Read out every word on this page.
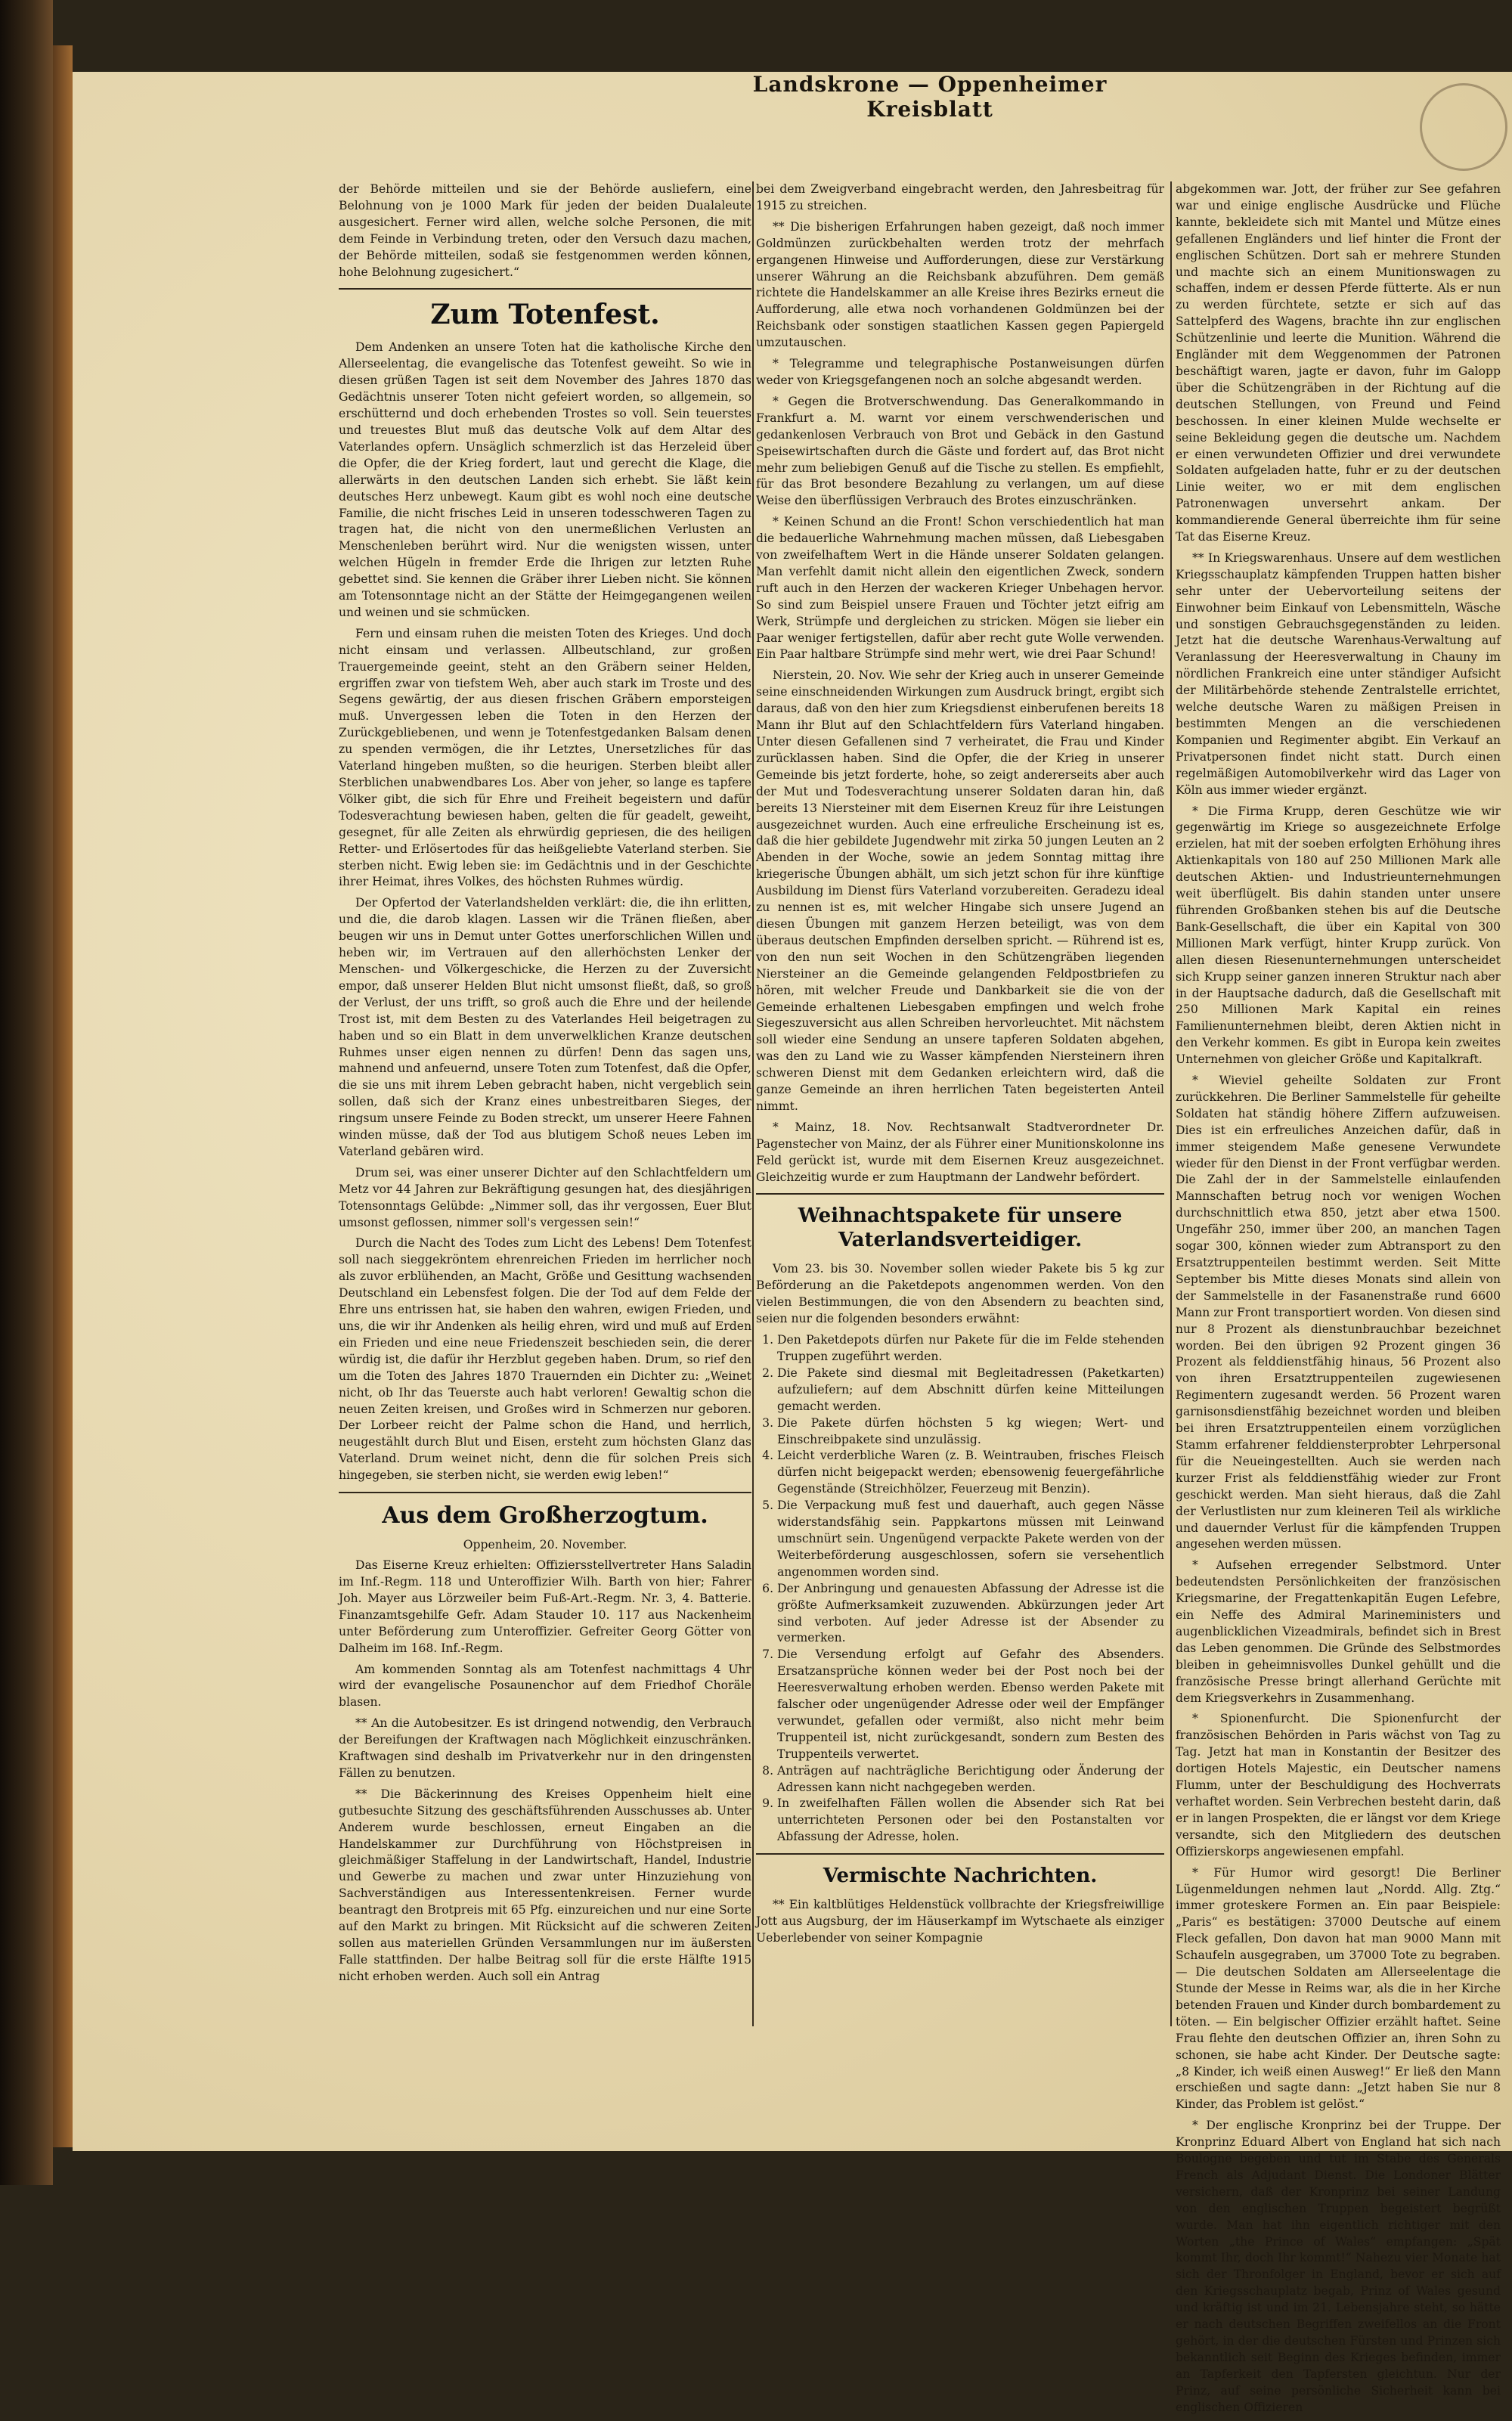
Landskrone — Oppenheimer Kreisblatt

der Behörde mitteilen und sie der Behörde ausliefern, eine Belohnung von je 1000 Mark für jeden der beiden Dualaleute ausgesichert. Ferner wird allen, welche solche Personen, die mit dem Feinde in Verbindung treten, oder den Versuch dazu machen, der Behörde mitteilen, sodaß sie festgenommen werden können, hohe Belohnung zugesichert.“

Zum Totenfest.

Dem Andenken an unsere Toten hat die katholische Kirche den Allerseelentag, die evangelische das Totenfest geweiht. So wie in diesen grüßen Tagen ist seit dem November des Jahres 1870 das Gedächtnis unserer Toten nicht gefeiert worden, so allgemein, so erschütternd und doch erhebenden Trostes so voll. Sein teuerstes und treuestes Blut muß das deutsche Volk auf dem Altar des Vaterlandes opfern. Unsäglich schmerzlich ist das Herzeleid über die Opfer, die der Krieg fordert, laut und gerecht die Klage, die allerwärts in den deutschen Landen sich erhebt. Sie läßt kein deutsches Herz unbewegt. Kaum gibt es wohl noch eine deutsche Familie, die nicht frisches Leid in unseren todesschweren Tagen zu tragen hat, die nicht von den unermeßlichen Verlusten an Menschenleben berührt wird. Nur die wenigsten wissen, unter welchen Hügeln in fremder Erde die Ihrigen zur letzten Ruhe gebettet sind. Sie kennen die Gräber ihrer Lieben nicht. Sie können am Totensonntage nicht an der Stätte der Heimgegangenen weilen und weinen und sie schmücken.

Fern und einsam ruhen die meisten Toten des Krieges. Und doch nicht einsam und verlassen. Allbeutschland, zur großen Trauergemeinde geeint, steht an den Gräbern seiner Helden, ergriffen zwar von tiefstem Weh, aber auch stark im Troste und des Segens gewärtig, der aus diesen frischen Gräbern emporsteigen muß. Unvergessen leben die Toten in den Herzen der Zurückgebliebenen, und wenn je Totenfestgedanken Balsam denen zu spenden vermögen, die ihr Letztes, Unersetzliches für das Vaterland hingeben mußten, so die heurigen. Sterben bleibt aller Sterblichen unabwendbares Los. Aber von jeher, so lange es tapfere Völker gibt, die sich für Ehre und Freiheit begeistern und dafür Todesverachtung bewiesen haben, gelten die für geadelt, geweiht, gesegnet, für alle Zeiten als ehrwürdig gepriesen, die des heiligen Retter- und Erlösertodes für das heißgeliebte Vaterland sterben. Sie sterben nicht. Ewig leben sie: im Gedächtnis und in der Geschichte ihrer Heimat, ihres Volkes, des höchsten Ruhmes würdig.

Der Opfertod der Vaterlandshelden verklärt: die, die ihn erlitten, und die, die darob klagen. Lassen wir die Tränen fließen, aber beugen wir uns in Demut unter Gottes unerforschlichen Willen und heben wir, im Vertrauen auf den allerhöchsten Lenker der Menschen- und Völkergeschicke, die Herzen zu der Zuversicht empor, daß unserer Helden Blut nicht umsonst fließt, daß, so groß der Verlust, der uns trifft, so groß auch die Ehre und der heilende Trost ist, mit dem Besten zu des Vaterlandes Heil beigetragen zu haben und so ein Blatt in dem unverwelklichen Kranze deutschen Ruhmes unser eigen nennen zu dürfen! Denn das sagen uns, mahnend und anfeuernd, unsere Toten zum Totenfest, daß die Opfer, die sie uns mit ihrem Leben gebracht haben, nicht vergeblich sein sollen, daß sich der Kranz eines unbestreitbaren Sieges, der ringsum unsere Feinde zu Boden streckt, um unserer Heere Fahnen winden müsse, daß der Tod aus blutigem Schoß neues Leben im Vaterland gebären wird.

Drum sei, was einer unserer Dichter auf den Schlachtfeldern um Metz vor 44 Jahren zur Bekräftigung gesungen hat, des diesjährigen Totensonntags Gelübde: „Nimmer soll, das ihr vergossen, Euer Blut umsonst geflossen, nimmer soll's vergessen sein!“

Durch die Nacht des Todes zum Licht des Lebens! Dem Totenfest soll nach sieggekröntem ehrenreichen Frieden im herrlicher noch als zuvor erblühenden, an Macht, Größe und Gesittung wachsenden Deutschland ein Lebensfest folgen. Die der Tod auf dem Felde der Ehre uns entrissen hat, sie haben den wahren, ewigen Frieden, und uns, die wir ihr Andenken als heilig ehren, wird und muß auf Erden ein Frieden und eine neue Friedenszeit beschieden sein, die derer würdig ist, die dafür ihr Herzblut gegeben haben. Drum, so rief den um die Toten des Jahres 1870 Trauernden ein Dichter zu: „Weinet nicht, ob Ihr das Teuerste auch habt verloren! Gewaltig schon die neuen Zeiten kreisen, und Großes wird in Schmerzen nur geboren. Der Lorbeer reicht der Palme schon die Hand, und herrlich, neugestählt durch Blut und Eisen, ersteht zum höchsten Glanz das Vaterland. Drum weinet nicht, denn die für solchen Preis sich hingegeben, sie sterben nicht, sie werden ewig leben!“

Aus dem Großherzogtum.
Oppenheim, 20. November.

Das Eiserne Kreuz erhielten: Offiziersstellvertreter Hans Saladin im Inf.-Regm. 118 und Unteroffizier Wilh. Barth von hier; Fahrer Joh. Mayer aus Lörzweiler beim Fuß-Art.-Regm. Nr. 3, 4. Batterie. Finanzamtsgehilfe Gefr. Adam Stauder 10. 117 aus Nackenheim unter Beförderung zum Unteroffizier. Gefreiter Georg Götter von Dalheim im 168. Inf.-Regm.

Am kommenden Sonntag als am Totenfest nachmittags 4 Uhr wird der evangelische Posaunenchor auf dem Friedhof Choräle blasen.

** An die Autobesitzer. Es ist dringend notwendig, den Verbrauch der Bereifungen der Kraftwagen nach Möglichkeit einzuschränken. Kraftwagen sind deshalb im Privatverkehr nur in den dringensten Fällen zu benutzen.

** Die Bäckerinnung des Kreises Oppenheim hielt eine gutbesuchte Sitzung des geschäftsführenden Ausschusses ab. Unter Anderem wurde beschlossen, erneut Eingaben an die Handelskammer zur Durchführung von Höchstpreisen in gleichmäßiger Staffelung in der Landwirtschaft, Handel, Industrie und Gewerbe zu machen und zwar unter Hinzuziehung von Sachverständigen aus Interessentenkreisen. Ferner wurde beantragt den Brotpreis mit 65 Pfg. einzureichen und nur eine Sorte auf den Markt zu bringen. Mit Rücksicht auf die schweren Zeiten sollen aus materiellen Gründen Versammlungen nur im äußersten Falle stattfinden. Der halbe Beitrag soll für die erste Hälfte 1915 nicht erhoben werden. Auch soll ein Antrag

bei dem Zweigverband eingebracht werden, den Jahresbeitrag für 1915 zu streichen.

** Die bisherigen Erfahrungen haben gezeigt, daß noch immer Goldmünzen zurückbehalten werden trotz der mehrfach ergangenen Hinweise und Aufforderungen, diese zur Verstärkung unserer Währung an die Reichsbank abzuführen. Dem gemäß richtete die Handelskammer an alle Kreise ihres Bezirks erneut die Aufforderung, alle etwa noch vorhandenen Goldmünzen bei der Reichsbank oder sonstigen staatlichen Kassen gegen Papiergeld umzutauschen.

* Telegramme und telegraphische Postanweisungen dürfen weder von Kriegsgefangenen noch an solche abgesandt werden.

* Gegen die Brotverschwendung. Das Generalkommando in Frankfurt a. M. warnt vor einem verschwenderischen und gedankenlosen Verbrauch von Brot und Gebäck in den Gastund Speisewirtschaften durch die Gäste und fordert auf, das Brot nicht mehr zum beliebigen Genuß auf die Tische zu stellen. Es empfiehlt, für das Brot besondere Bezahlung zu verlangen, um auf diese Weise den überflüssigen Verbrauch des Brotes einzuschränken.

* Keinen Schund an die Front! Schon verschiedentlich hat man die bedauerliche Wahrnehmung machen müssen, daß Liebesgaben von zweifelhaftem Wert in die Hände unserer Soldaten gelangen. Man verfehlt damit nicht allein den eigentlichen Zweck, sondern ruft auch in den Herzen der wackeren Krieger Unbehagen hervor. So sind zum Beispiel unsere Frauen und Töchter jetzt eifrig am Werk, Strümpfe und dergleichen zu stricken. Mögen sie lieber ein Paar weniger fertigstellen, dafür aber recht gute Wolle verwenden. Ein Paar haltbare Strümpfe sind mehr wert, wie drei Paar Schund!

Nierstein, 20. Nov. Wie sehr der Krieg auch in unserer Gemeinde seine einschneidenden Wirkungen zum Ausdruck bringt, ergibt sich daraus, daß von den hier zum Kriegsdienst einberufenen bereits 18 Mann ihr Blut auf den Schlachtfeldern fürs Vaterland hingaben. Unter diesen Gefallenen sind 7 verheiratet, die Frau und Kinder zurücklassen haben. Sind die Opfer, die der Krieg in unserer Gemeinde bis jetzt forderte, hohe, so zeigt andererseits aber auch der Mut und Todesverachtung unserer Soldaten daran hin, daß bereits 13 Niersteiner mit dem Eisernen Kreuz für ihre Leistungen ausgezeichnet wurden. Auch eine erfreuliche Erscheinung ist es, daß die hier gebildete Jugendwehr mit zirka 50 jungen Leuten an 2 Abenden in der Woche, sowie an jedem Sonntag mittag ihre kriegerische Übungen abhält, um sich jetzt schon für ihre künftige Ausbildung im Dienst fürs Vaterland vorzubereiten. Geradezu ideal zu nennen ist es, mit welcher Hingabe sich unsere Jugend an diesen Übungen mit ganzem Herzen beteiligt, was von dem überaus deutschen Empfinden derselben spricht. — Rührend ist es, von den nun seit Wochen in den Schützengräben liegenden Niersteiner an die Gemeinde gelangenden Feldpostbriefen zu hören, mit welcher Freude und Dankbarkeit sie die von der Gemeinde erhaltenen Liebesgaben empfingen und welch frohe Siegeszuversicht aus allen Schreiben hervorleuchtet. Mit nächstem soll wieder eine Sendung an unsere tapferen Soldaten abgehen, was den zu Land wie zu Wasser kämpfenden Niersteinern ihren schweren Dienst mit dem Gedanken erleichtern wird, daß die ganze Gemeinde an ihren herrlichen Taten begeisterten Anteil nimmt.

* Mainz, 18. Nov. Rechtsanwalt Stadtverordneter Dr. Pagenstecher von Mainz, der als Führer einer Munitionskolonne ins Feld gerückt ist, wurde mit dem Eisernen Kreuz ausgezeichnet. Gleichzeitig wurde er zum Hauptmann der Landwehr befördert.

Weihnachtspakete für unsere Vaterlandsverteidiger.

Vom 23. bis 30. November sollen wieder Pakete bis 5 kg zur Beförderung an die Paketdepots angenommen werden. Von den vielen Bestimmungen, die von den Absendern zu beachten sind, seien nur die folgenden besonders erwähnt:

1. Den Paketdepots dürfen nur Pakete für die im Felde stehenden Truppen zugeführt werden.
2. Die Pakete sind diesmal mit Begleitadressen (Paketkarten) aufzuliefern; auf dem Abschnitt dürfen keine Mitteilungen gemacht werden.
3. Die Pakete dürfen höchsten 5 kg wiegen; Wert- und Einschreibpakete sind unzulässig.
4. Leicht verderbliche Waren (z. B. Weintrauben, frisches Fleisch dürfen nicht beigepackt werden; ebensowenig feuergefährliche Gegenstände (Streichhölzer, Feuerzeug mit Benzin).
5. Die Verpackung muß fest und dauerhaft, auch gegen Nässe widerstandsfähig sein. Pappkartons müssen mit Leinwand umschnürt sein. Ungenügend verpackte Pakete werden von der Weiterbeförderung ausgeschlossen, sofern sie versehentlich angenommen worden sind.
6. Der Anbringung und genauesten Abfassung der Adresse ist die größte Aufmerksamkeit zuzuwenden. Abkürzungen jeder Art sind verboten. Auf jeder Adresse ist der Absender zu vermerken.
7. Die Versendung erfolgt auf Gefahr des Absenders. Ersatzansprüche können weder bei der Post noch bei der Heeresverwaltung erhoben werden. Ebenso werden Pakete mit falscher oder ungenügender Adresse oder weil der Empfänger verwundet, gefallen oder vermißt, also nicht mehr beim Truppenteil ist, nicht zurückgesandt, sondern zum Besten des Truppenteils verwertet.
8. Anträgen auf nachträgliche Berichtigung oder Änderung der Adressen kann nicht nachgegeben werden.
9. In zweifelhaften Fällen wollen die Absender sich Rat bei unterrichteten Personen oder bei den Postanstalten vor Abfassung der Adresse, holen.
Vermischte Nachrichten.

** Ein kaltblütiges Heldenstück vollbrachte der Kriegsfreiwillige Jott aus Augsburg, der im Häuserkampf im Wytschaete als einziger Ueberlebender von seiner Kompagnie

abgekommen war. Jott, der früher zur See gefahren war und einige englische Ausdrücke und Flüche kannte, bekleidete sich mit Mantel und Mütze eines gefallenen Engländers und lief hinter die Front der englischen Schützen. Dort sah er mehrere Stunden und machte sich an einem Munitionswagen zu schaffen, indem er dessen Pferde fütterte. Als er nun zu werden fürchtete, setzte er sich auf das Sattelpferd des Wagens, brachte ihn zur englischen Schützenlinie und leerte die Munition. Während die Engländer mit dem Weggenommen der Patronen beschäftigt waren, jagte er davon, fuhr im Galopp über die Schützengräben in der Richtung auf die deutschen Stellungen, von Freund und Feind beschossen. In einer kleinen Mulde wechselte er seine Bekleidung gegen die deutsche um. Nachdem er einen verwundeten Offizier und drei verwundete Soldaten aufgeladen hatte, fuhr er zu der deutschen Linie weiter, wo er mit dem englischen Patronenwagen unversehrt ankam. Der kommandierende General überreichte ihm für seine Tat das Eiserne Kreuz.

** In Kriegswarenhaus. Unsere auf dem westlichen Kriegsschauplatz kämpfenden Truppen hatten bisher sehr unter der Uebervorteilung seitens der Einwohner beim Einkauf von Lebensmitteln, Wäsche und sonstigen Gebrauchsgegenständen zu leiden. Jetzt hat die deutsche Warenhaus-Verwaltung auf Veranlassung der Heeresverwaltung in Chauny im nördlichen Frankreich eine unter ständiger Aufsicht der Militärbehörde stehende Zentralstelle errichtet, welche deutsche Waren zu mäßigen Preisen in bestimmten Mengen an die verschiedenen Kompanien und Regimenter abgibt. Ein Verkauf an Privatpersonen findet nicht statt. Durch einen regelmäßigen Automobilverkehr wird das Lager von Köln aus immer wieder ergänzt.

* Die Firma Krupp, deren Geschütze wie wir gegenwärtig im Kriege so ausgezeichnete Erfolge erzielen, hat mit der soeben erfolgten Erhöhung ihres Aktienkapitals von 180 auf 250 Millionen Mark alle deutschen Aktien- und Industrieunternehmungen weit überflügelt. Bis dahin standen unter unsere führenden Großbanken stehen bis auf die Deutsche Bank-Gesellschaft, die über ein Kapital von 300 Millionen Mark verfügt, hinter Krupp zurück. Von allen diesen Riesenunternehmungen unterscheidet sich Krupp seiner ganzen inneren Struktur nach aber in der Hauptsache dadurch, daß die Gesellschaft mit 250 Millionen Mark Kapital ein reines Familienunternehmen bleibt, deren Aktien nicht in den Verkehr kommen. Es gibt in Europa kein zweites Unternehmen von gleicher Größe und Kapitalkraft.

* Wieviel geheilte Soldaten zur Front zurückkehren. Die Berliner Sammelstelle für geheilte Soldaten hat ständig höhere Ziffern aufzuweisen. Dies ist ein erfreuliches Anzeichen dafür, daß in immer steigendem Maße genesene Verwundete wieder für den Dienst in der Front verfügbar werden. Die Zahl der in der Sammelstelle einlaufenden Mannschaften betrug noch vor wenigen Wochen durchschnittlich etwa 850, jetzt aber etwa 1500. Ungefähr 250, immer über 200, an manchen Tagen sogar 300, können wieder zum Abtransport zu den Ersatztruppenteilen bestimmt werden. Seit Mitte September bis Mitte dieses Monats sind allein von der Sammelstelle in der Fasanenstraße rund 6600 Mann zur Front transportiert worden. Von diesen sind nur 8 Prozent als dienstunbrauchbar bezeichnet worden. Bei den übrigen 92 Prozent gingen 36 Prozent als felddienstfähig hinaus, 56 Prozent also von ihren Ersatztruppenteilen zugewiesenen Regimentern zugesandt werden. 56 Prozent waren garnisonsdienstfähig bezeichnet worden und bleiben bei ihren Ersatztruppenteilen einem vorzüglichen Stamm erfahrener felddiensterprobter Lehrpersonal für die Neueingestellten. Auch sie werden nach kurzer Frist als felddienstfähig wieder zur Front geschickt werden. Man sieht hieraus, daß die Zahl der Verlustlisten nur zum kleineren Teil als wirkliche und dauernder Verlust für die kämpfenden Truppen angesehen werden müssen.

* Aufsehen erregender Selbstmord. Unter bedeutendsten Persönlichkeiten der französischen Kriegsmarine, der Fregattenkapitän Eugen Lefebre, ein Neffe des Admiral Marineministers und augenblicklichen Vizeadmirals, befindet sich in Brest das Leben genommen. Die Gründe des Selbstmordes bleiben in geheimnisvolles Dunkel gehüllt und die französische Presse bringt allerhand Gerüchte mit dem Kriegsverkehrs in Zusammenhang.

* Spionenfurcht. Die Spionenfurcht der französischen Behörden in Paris wächst von Tag zu Tag. Jetzt hat man in Konstantin der Besitzer des dortigen Hotels Majestic, ein Deutscher namens Flumm, unter der Beschuldigung des Hochverrats verhaftet worden. Sein Verbrechen besteht darin, daß er in langen Prospekten, die er längst vor dem Kriege versandte, sich den Mitgliedern des deutschen Offizierskorps angewiesenen empfahl.

* Für Humor wird gesorgt! Die Berliner Lügenmeldungen nehmen laut „Nordd. Allg. Ztg.“ immer groteskere Formen an. Ein paar Beispiele: „Paris“ es bestätigen: 37000 Deutsche auf einem Fleck gefallen, Don davon hat man 9000 Mann mit Schaufeln ausgegraben, um 37000 Tote zu begraben. — Die deutschen Soldaten am Allerseelentage die Stunde der Messe in Reims war, als die in her Kirche betenden Frauen und Kinder durch bombardement zu töten. — Ein belgischer Offizier erzählt haftet. Seine Frau flehte den deutschen Offizier an, ihren Sohn zu schonen, sie habe acht Kinder. Der Deutsche sagte: „8 Kinder, ich weiß einen Ausweg!“ Er ließ den Mann erschießen und sagte dann: „Jetzt haben Sie nur 8 Kinder, das Problem ist gelöst.“

* Der englische Kronprinz bei der Truppe. Der Kronprinz Eduard Albert von England hat sich nach Boulogne begeben und tut im Stabe des Generals French als Adjudant Dienst. Die Londoner Blätter versichern, daß der Kronprinz bei seiner Landung von den englischen Truppen begeistert begrüßt wurde. Man hat ihn eigentlich richtiger mit den Worten „the Prince of Wales“ empfangen: „Spät kommt Ihr, doch Ihr kommt!“ Nahezu vier Monate hat sich der Thronfolger in England, bevor er sich auf den Kriegsschauplatz begab, Prinz of Wales gesund und kräftig ist und im 21. Lebensjahre steht, so hätte er nach deutschen Begriffen zweifellos an die Front gehört, in der die deutschen Fürsten und Prinzen sich bekanntlich seit Beginn des Krieges befinden, immer an Tapferkeit den Tapfersten gleichtun. Nur der Prinz, auf seine persönliche Sicherheit kann bei englischen Offizieren
